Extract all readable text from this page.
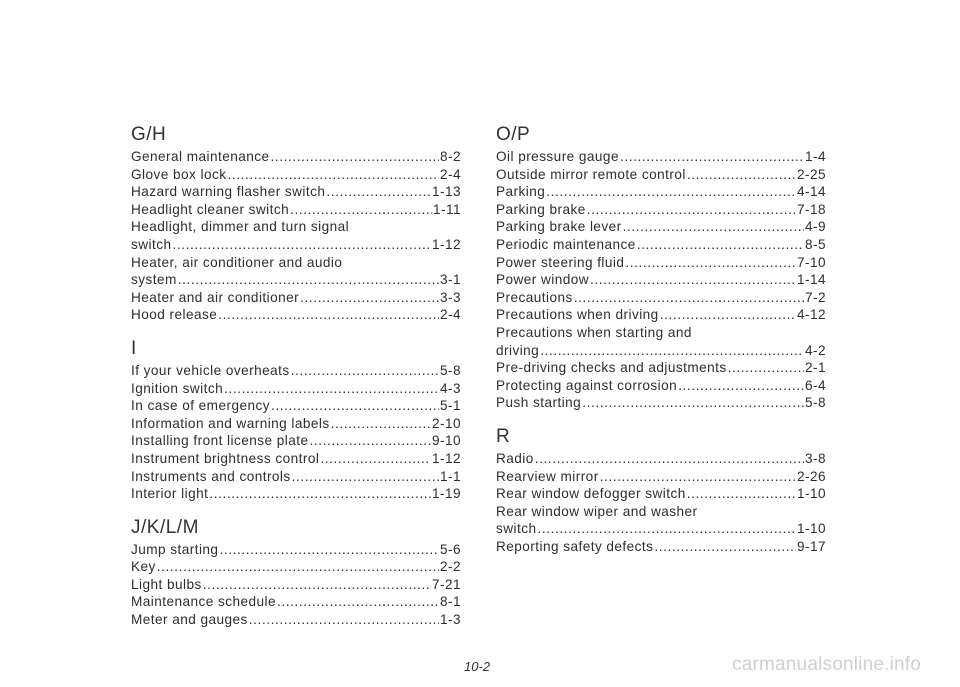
G/H
General maintenance .....	8-2
Glove box lock .....	2-4
Hazard warning flasher switch .....	1-13
Headlight cleaner switch .....	1-11
Headlight, dimmer and turn signal
switch .....	1-12
Heater, air conditioner and audio
system .....	3-1
Heater and air conditioner .....	3-3
Hood release .....	2-4
I
If your vehicle overheats .....	5-8
Ignition switch .....	4-3
In case of emergency .....	5-1
Information and warning labels .....	2-10
Installing front license plate .....	9-10
Instrument brightness control .....	1-12
Instruments and controls .....	1-1
Interior light .....	1-19
J/K/L/M
Jump starting .....	5-6
Key .....	2-2
Light bulbs .....	7-21
Maintenance schedule .....	8-1
Meter and gauges .....	1-3
O/P
Oil pressure gauge .....	1-4
Outside mirror remote control .....	2-25
Parking .....	4-14
Parking brake .....	7-18
Parking brake lever .....	4-9
Periodic maintenance .....	8-5
Power steering fluid .....	7-10
Power window .....	1-14
Precautions .....	7-2
Precautions when driving .....	4-12
Precautions when starting and
driving .....	4-2
Pre-driving checks and adjustments .....	2-1
Protecting against corrosion .....	6-4
Push starting .....	5-8
R
Radio .....	3-8
Rearview mirror .....	2-26
Rear window defogger switch .....	1-10
Rear window wiper and washer
switch .....	1-10
Reporting safety defects .....	9-17
10-2	carmanualsonline.info
